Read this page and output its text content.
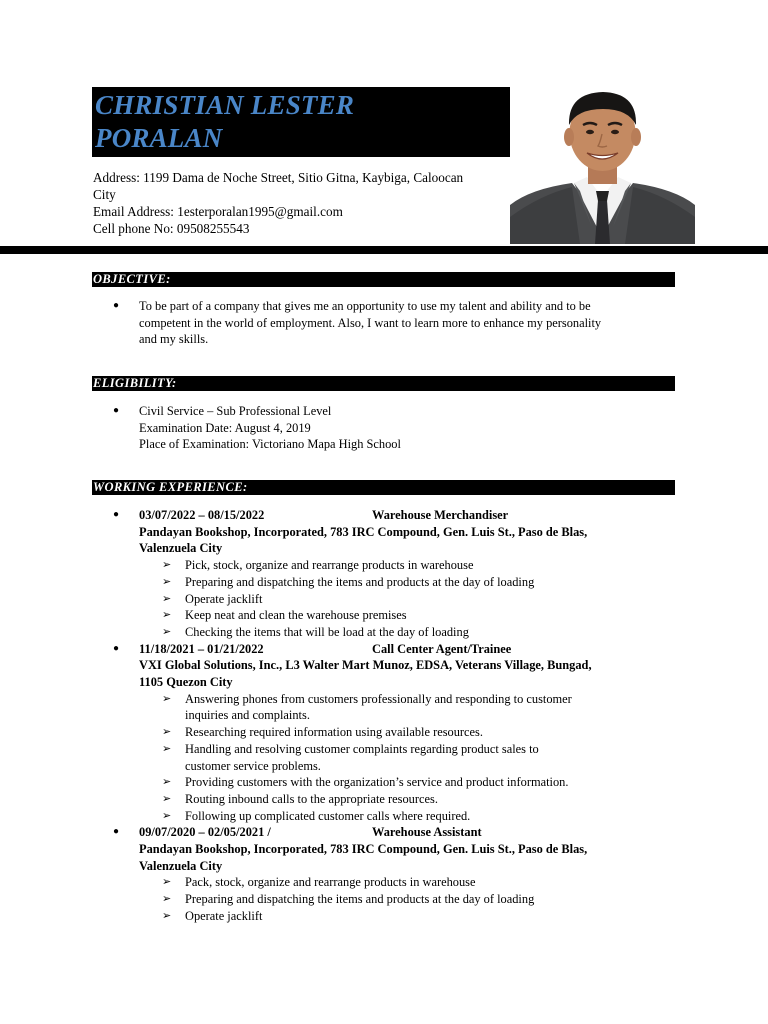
CHRISTIAN LESTER
PORALAN
Address: 1199 Dama de Noche Street, Sitio Gitna, Kaybiga, Caloocan
City
Email Address: 1esterporalan1995@gmail.com
Cell phone No: 09508255543
OBJECTIVE:
●	To be part of a company that gives me an opportunity to use my talent and ability and to be
competent in the world of employment. Also, I want to learn more to enhance my personality
and my skills.
ELIGIBILITY:
●	Civil Service – Sub Professional Level
Examination Date: August 4, 2019
Place of Examination: Victoriano Mapa High School
WORKING EXPERIENCE:
●	03/07/2022 – 08/15/2022	Warehouse Merchandiser
Pandayan Bookshop, Incorporated, 783 IRC Compound, Gen. Luis St., Paso de Blas,
Valenzuela City
➢	Pick, stock, organize and rearrange products in warehouse
➢	Preparing and dispatching the items and products at the day of loading
➢	Operate jacklift
➢	Keep neat and clean the warehouse premises
➢	Checking the items that will be load at the day of loading
●	11/18/2021 – 01/21/2022	Call Center Agent/Trainee
VXI Global Solutions, Inc., L3 Walter Mart Munoz, EDSA, Veterans Village, Bungad,
1105 Quezon City
➢	Answering phones from customers professionally and responding to customer
inquiries and complaints.
➢	Researching required information using available resources.
➢	Handling and resolving customer complaints regarding product sales to
customer service problems.
➢	Providing customers with the organization’s service and product information.
➢	Routing inbound calls to the appropriate resources.
➢	Following up complicated customer calls where required.
●	09/07/2020 – 02/05/2021 /	Warehouse Assistant
Pandayan Bookshop, Incorporated, 783 IRC Compound, Gen. Luis St., Paso de Blas,
Valenzuela City
➢	Pack, stock, organize and rearrange products in warehouse
➢	Preparing and dispatching the items and products at the day of loading
➢	Operate jacklift
